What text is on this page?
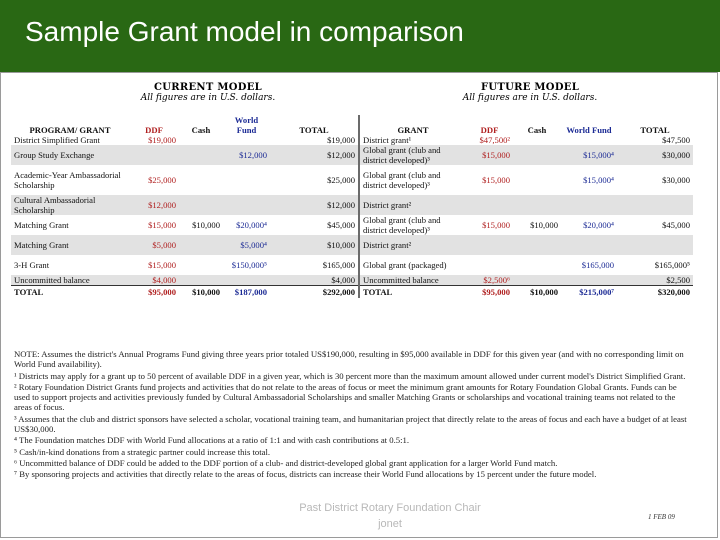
Sample Grant model in comparison
CURRENT MODEL
All figures are in U.S. dollars.
FUTURE MODEL
All figures are in U.S. dollars.
PROGRAM/ GRANT	DDF	Cash	World Fund	TOTAL	GRANT	DDF	Cash	World Fund	TOTAL
District Simplified Grant	$19,000			$19,000	District grant¹	$47,500²			$47,500
Group Study Exchange			$12,000	$12,000	Global grant (club and district developed)³	$15,000		$15,000⁴	$30,000
Academic-Year Ambassadorial Scholarship	$25,000			$25,000	Global grant (club and district developed)³	$15,000		$15,000⁴	$30,000
Cultural Ambassadorial Scholarship	$12,000			$12,000	District grant²				
Matching Grant	$15,000	$10,000	$20,000⁴	$45,000	Global grant (club and district developed)³	$15,000	$10,000	$20,000⁴	$45,000
Matching Grant	$5,000		$5,000⁴	$10,000	District grant²				
3-H Grant	$15,000		$150,000⁵	$165,000	Global grant (packaged)			$165,000	$165,000⁵
Uncommitted balance	$4,000			$4,000	Uncommitted balance	$2,500⁶			$2,500
TOTAL	$95,000	$10,000	$187,000	$292,000	TOTAL	$95,000	$10,000	$215,000⁷	$320,000

NOTE: Assumes the district's Annual Programs Fund giving three years prior totaled US$190,000, resulting in $95,000 available in DDF for this given year (and with no corresponding limit on World Fund availability).

¹ Districts may apply for a grant up to 50 percent of available DDF in a given year, which is 30 percent more than the maximum amount allowed under current model's District Simplified Grant.

² Rotary Foundation District Grants fund projects and activities that do not relate to the areas of focus or meet the minimum grant amounts for Rotary Foundation Global Grants. Funds can be used to support projects and activities previously funded by Cultural Ambassadorial Scholarships and smaller Matching Grants or scholarships and vocational training teams not related to the areas of focus.

³ Assumes that the club and district sponsors have selected a scholar, vocational training team, and humanitarian project that directly relate to the areas of focus and each have a budget of at least US$30,000.

⁴ The Foundation matches DDF with World Fund allocations at a ratio of 1:1 and with cash contributions at 0.5:1.

⁵ Cash/in-kind donations from a strategic partner could increase this total.

⁶ Uncommitted balance of DDF could be added to the DDF portion of a club- and district-developed global grant application for a larger World Fund match.

⁷ By sponsoring projects and activities that directly relate to the areas of focus, districts can increase their World Fund allocations by 15 percent under the future model.

Past District Rotary Foundation Chair jonet
1 FEB 09
